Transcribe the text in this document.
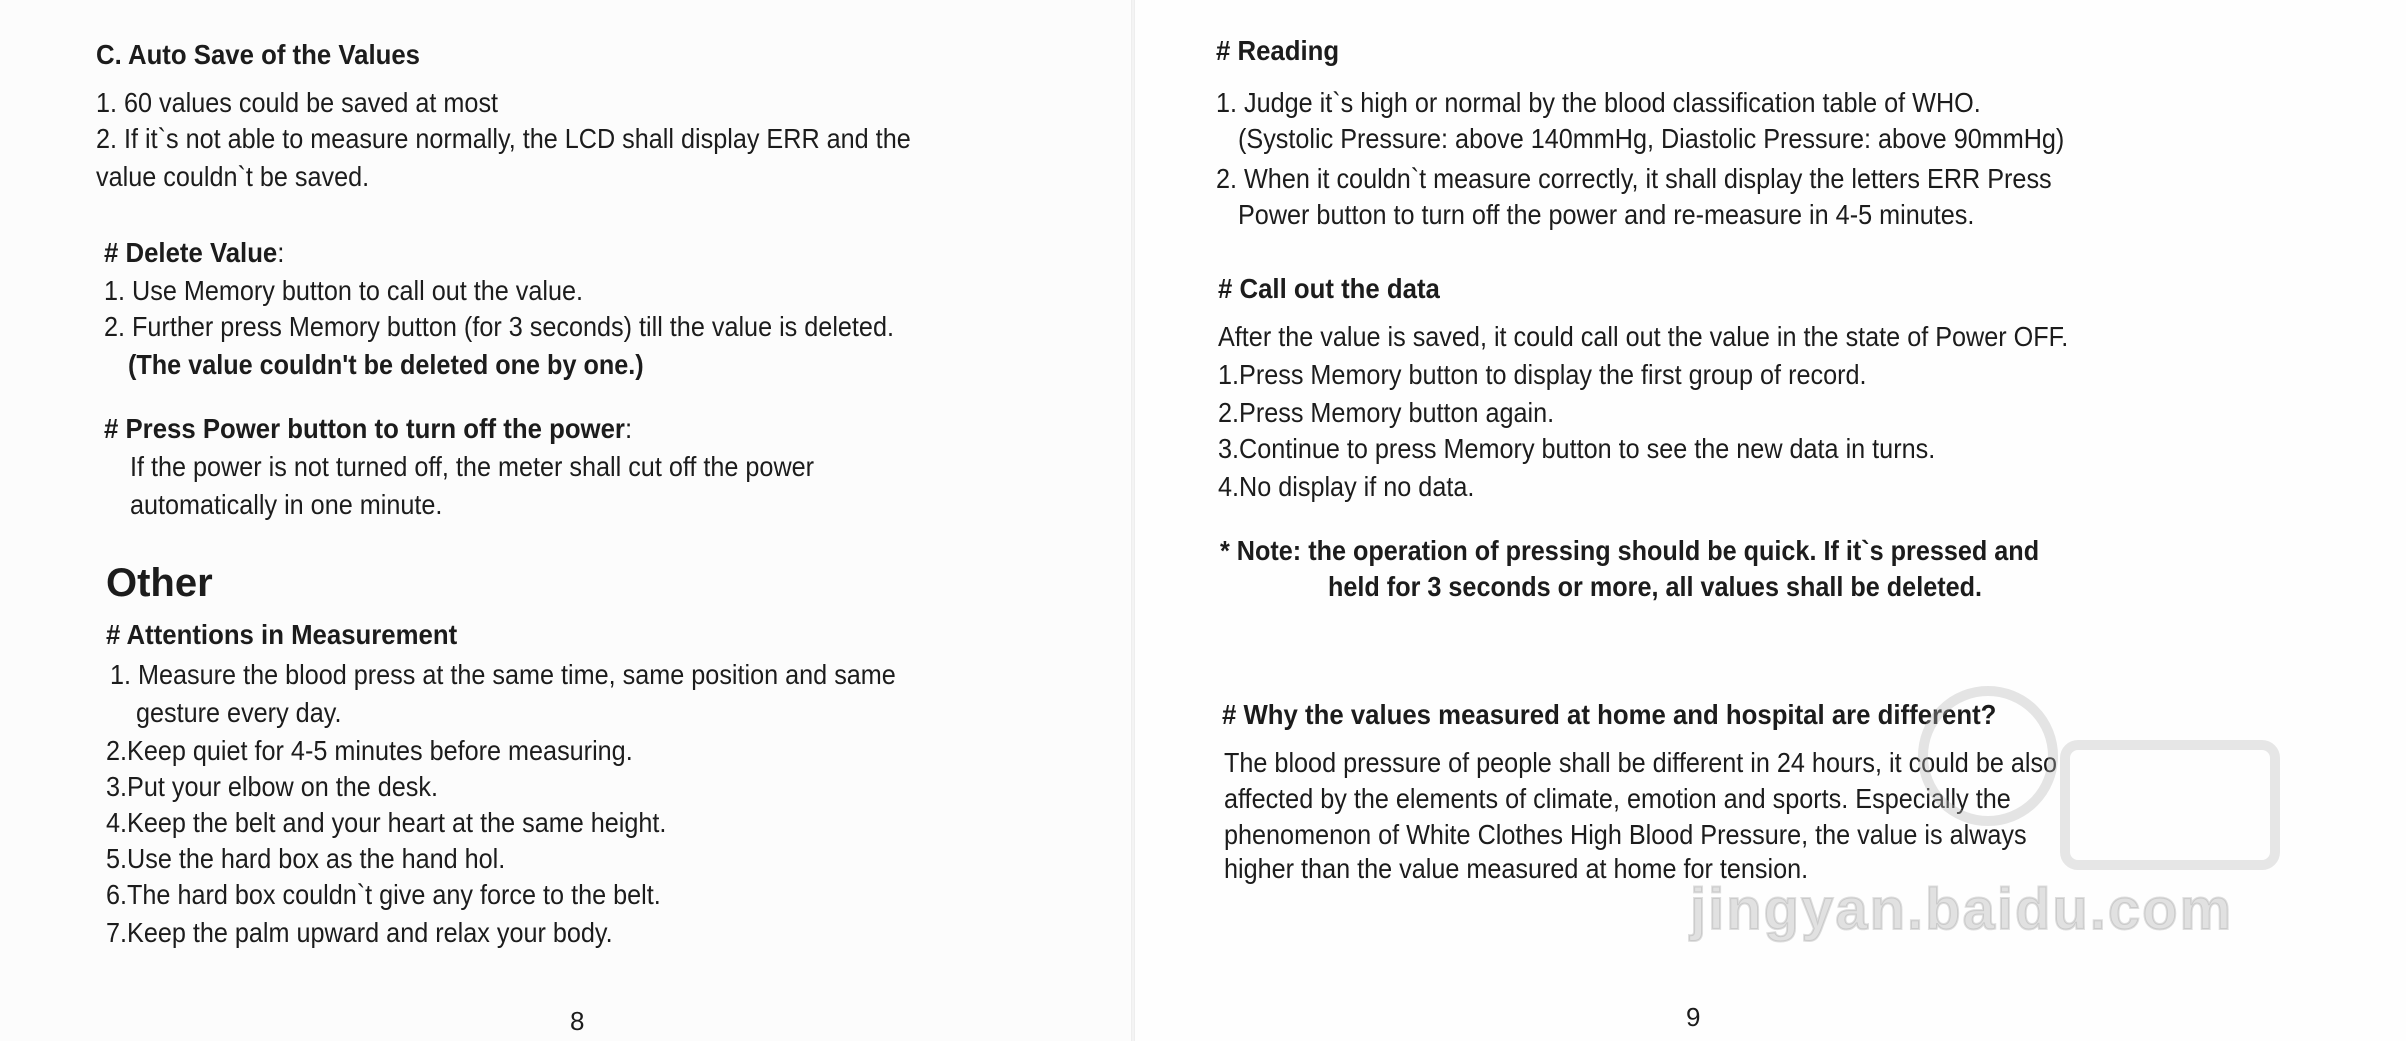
C. Auto Save of the Values
1. 60 values could be saved at most
2. If it`s not able to measure normally, the LCD shall display ERR and the
value couldn`t be saved.
# Delete Value:
1. Use Memory button to call out the value.
2. Further press Memory button (for 3 seconds) till the value is deleted.
(The value couldn't be deleted one by one.)
# Press Power button to turn off the power:
If the power is not turned off, the meter shall cut off the power
automatically in one minute.
Other
# Attentions in Measurement
1. Measure the blood press at the same time, same position and same
gesture every day.
2.Keep quiet for 4-5 minutes before measuring.
3.Put your elbow on the desk.
4.Keep the belt and your heart at the same height.
5.Use the hard box as the hand hol.
6.The hard box couldn`t give any force to the belt.
7.Keep the palm upward and relax your body.
8
# Reading
1. Judge it`s high or normal by the blood classification table of WHO.
(Systolic Pressure: above 140mmHg, Diastolic Pressure: above 90mmHg)
2. When it couldn`t measure correctly, it shall display the letters ERR Press
Power button to turn off the power and re-measure in 4-5 minutes.
# Call out the data
After the value is saved, it could call out the value in the state of Power OFF.
1.Press Memory button to display the first group of record.
2.Press Memory button again.
3.Continue to press Memory button to see the new data in turns.
4.No display if no data.
* Note: the operation of pressing should be quick. If it`s pressed and
held for 3 seconds or more, all values shall be deleted.
# Why the values measured at home and hospital are different?
The blood pressure of people shall be different in 24 hours, it could be also
affected by the elements of climate, emotion and sports. Especially the
phenomenon of White Clothes High Blood Pressure, the value is always
higher than the value measured at home for tension.
9
jingyan.baidu.com
